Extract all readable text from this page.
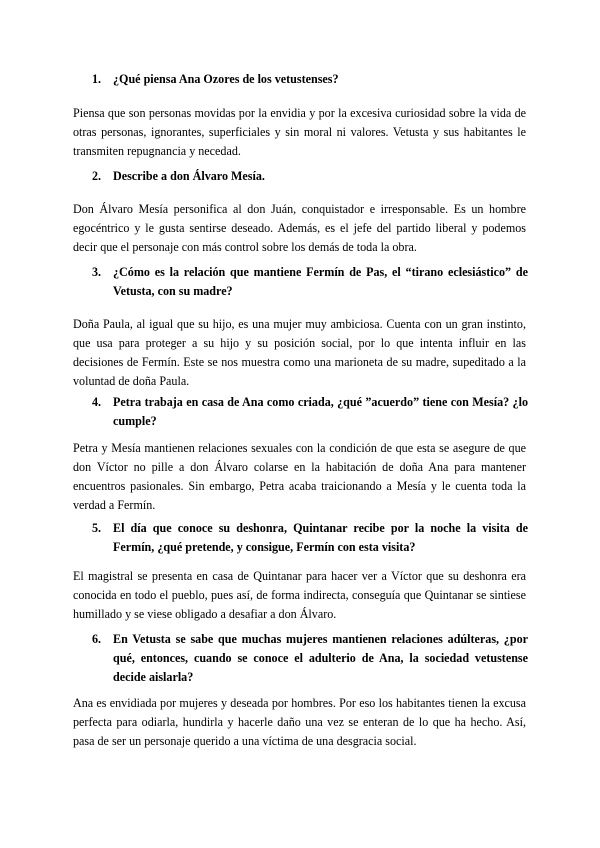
1. ¿Qué piensa Ana Ozores de los vetustenses?
Piensa que son personas movidas por la envidia y por la excesiva curiosidad sobre la vida de otras personas, ignorantes, superficiales y sin moral ni valores. Vetusta y sus habitantes le transmiten repugnancia y necedad.
2. Describe a don Álvaro Mesía.
Don Álvaro Mesía personifica al don Juán, conquistador e irresponsable. Es un hombre egocéntrico y le gusta sentirse deseado. Además, es el jefe del partido liberal y podemos decir que el personaje con más control sobre los demás de toda la obra.
3. ¿Cómo es la relación que mantiene Fermín de Pas, el “tirano eclesiástico” de Vetusta, con su madre?
Doña Paula, al igual que su hijo, es una mujer muy ambiciosa. Cuenta con un gran instinto, que usa para proteger a su hijo y su posición social, por lo que intenta influir en las decisiones de Fermín. Este se nos muestra como una marioneta de su madre, supeditado a la voluntad de doña Paula.
4. Petra trabaja en casa de Ana como criada, ¿qué ”acuerdo” tiene con Mesía? ¿lo cumple?
Petra y Mesía mantienen relaciones sexuales con la condición de que esta se asegure de que don Víctor no pille a don Álvaro colarse en la habitación de doña Ana para mantener encuentros pasionales. Sin embargo, Petra acaba traicionando a Mesía y le cuenta toda la verdad a Fermín.
5. El día que conoce su deshonra, Quintanar recibe por la noche la visita de Fermín, ¿qué pretende, y consigue, Fermín con esta visita?
El magistral se presenta en casa de Quintanar para hacer ver a Víctor que su deshonra era conocida en todo el pueblo, pues así, de forma indirecta, conseguía que Quintanar se sintiese humillado y se viese obligado a desafiar a don Álvaro.
6. En Vetusta se sabe que muchas mujeres mantienen relaciones adúlteras, ¿por qué, entonces, cuando se conoce el adulterio de Ana, la sociedad vetustense decide aislarla?
Ana es envidiada por mujeres y deseada por hombres. Por eso los habitantes tienen la excusa perfecta para odiarla, hundirla y hacerle daño una vez se enteran de lo que ha hecho. Así, pasa de ser un personaje querido a una víctima de una desgracia social.
